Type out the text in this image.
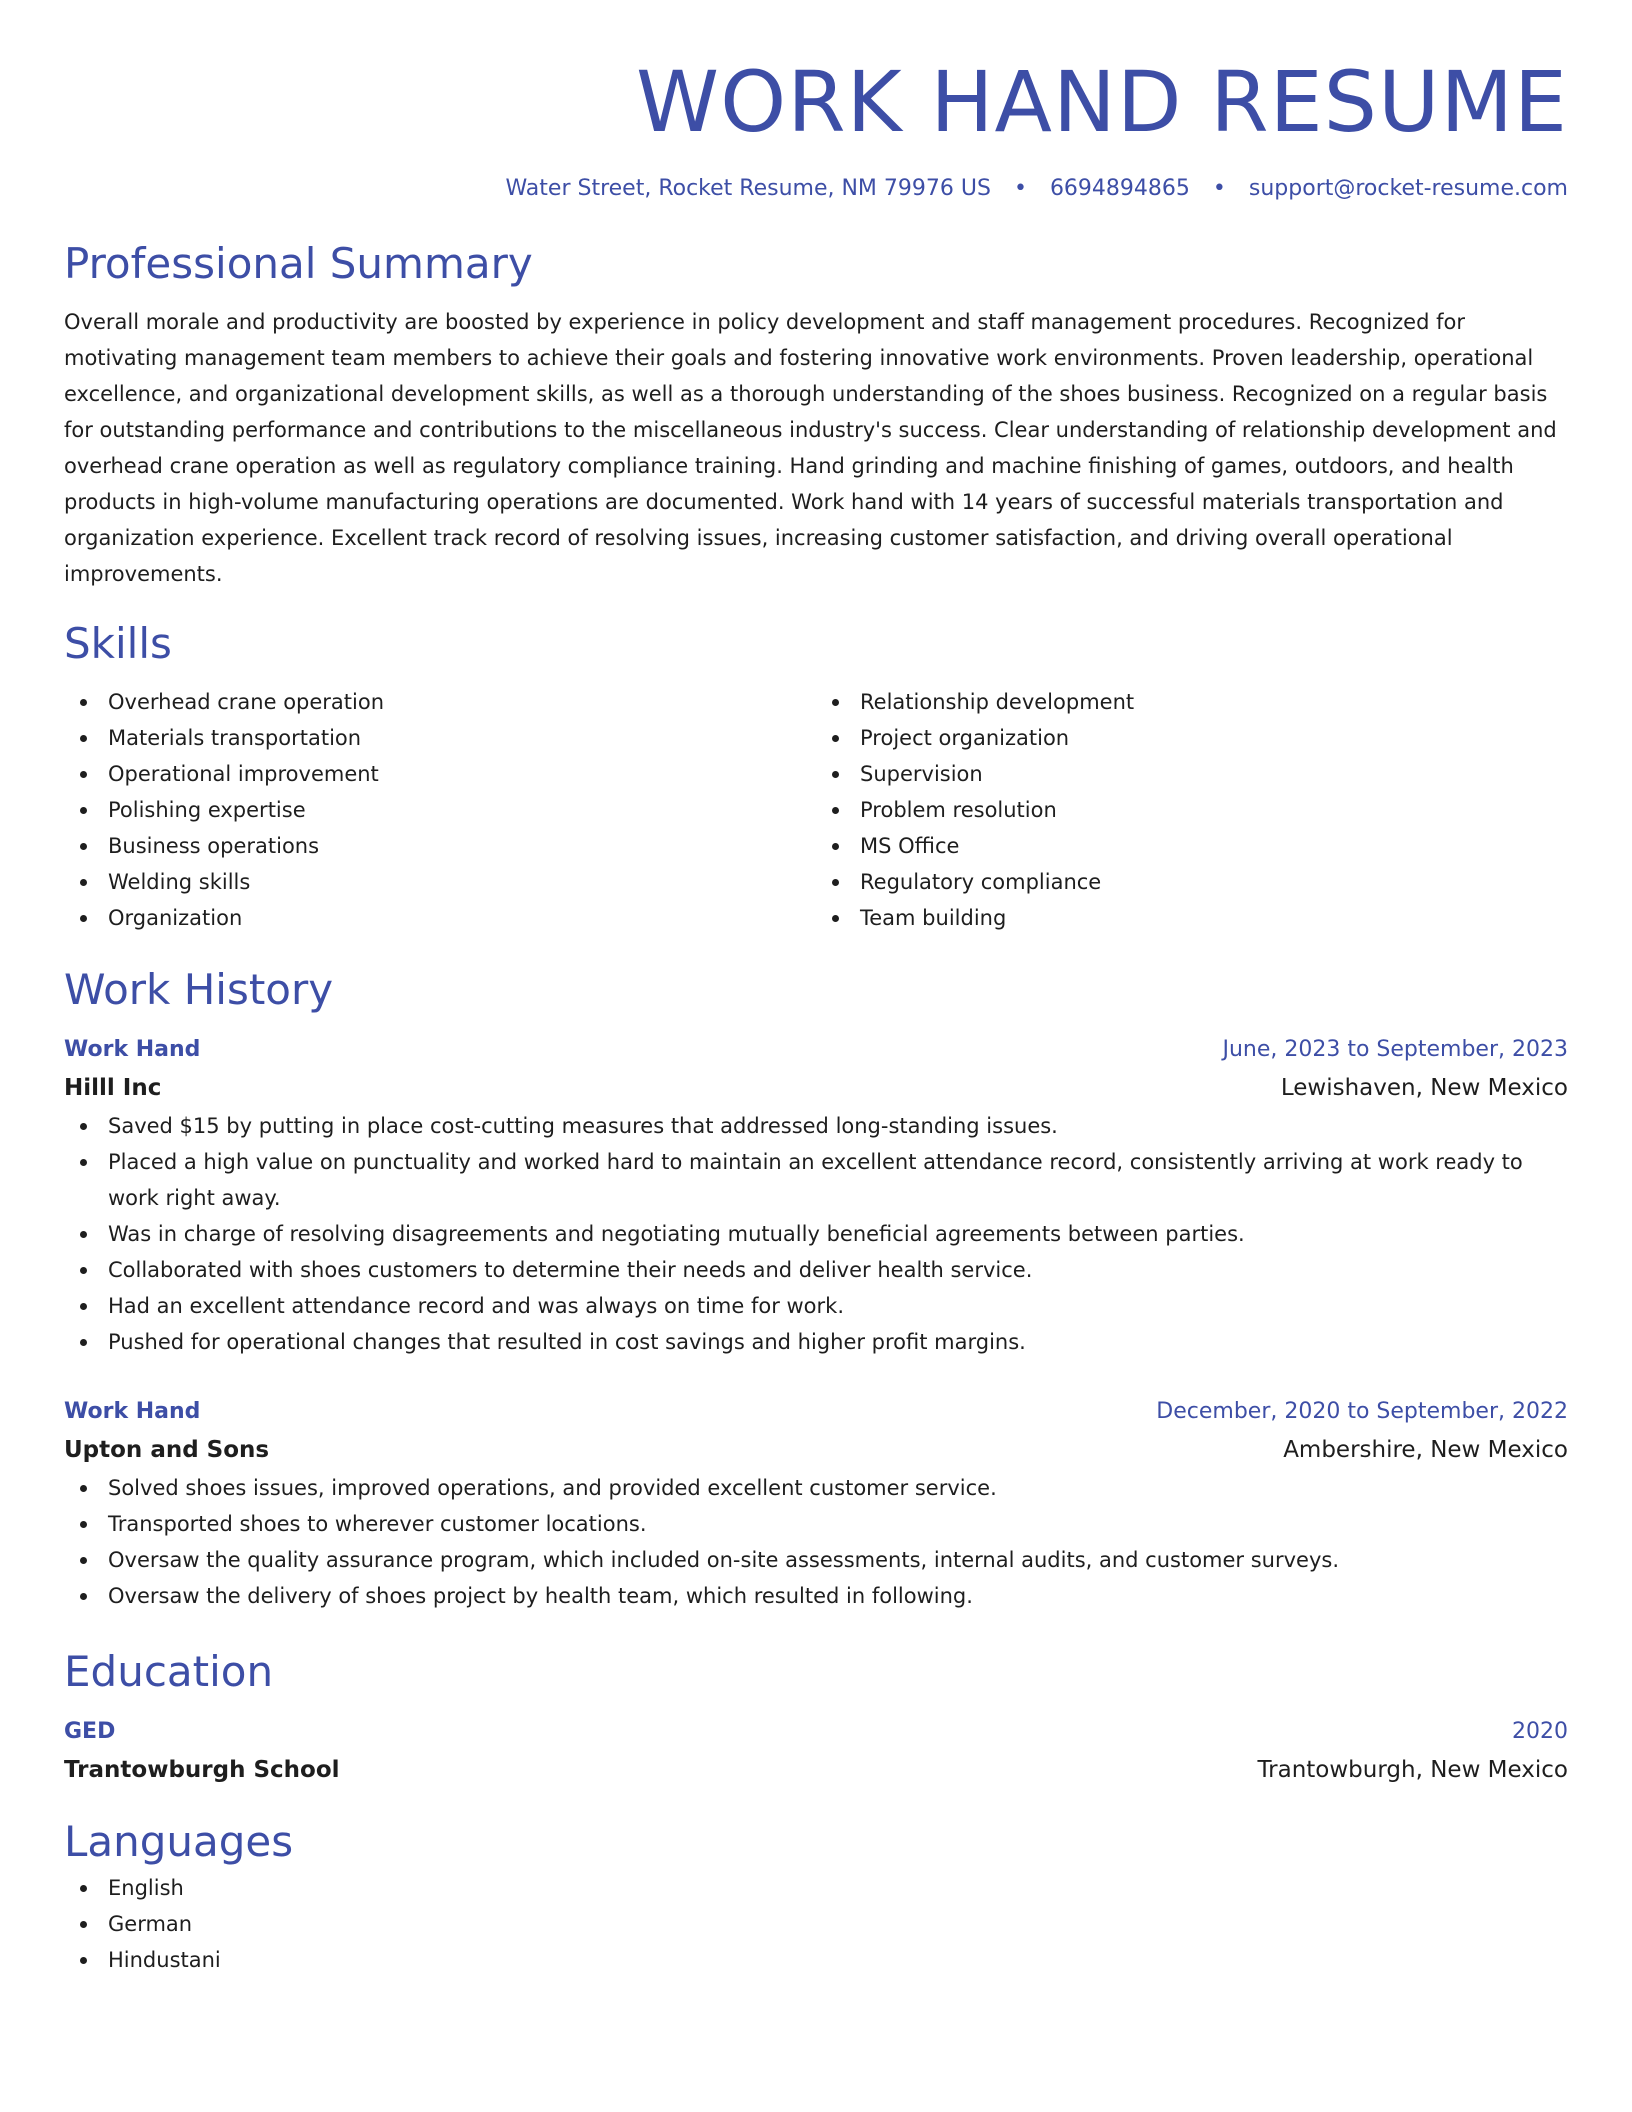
WORK HAND RESUME
Water Street, Rocket Resume, NM 79976 US • 6694894865 • support@rocket-resume.com
Professional Summary
Overall morale and productivity are boosted by experience in policy development and staff management procedures. Recognized for motivating management team members to achieve their goals and fostering innovative work environments. Proven leadership, operational excellence, and organizational development skills, as well as a thorough understanding of the shoes business. Recognized on a regular basis for outstanding performance and contributions to the miscellaneous industry's success. Clear understanding of relationship development and overhead crane operation as well as regulatory compliance training. Hand grinding and machine finishing of games, outdoors, and health products in high-volume manufacturing operations are documented. Work hand with 14 years of successful materials transportation and organization experience. Excellent track record of resolving issues, increasing customer satisfaction, and driving overall operational improvements.
Skills
Overhead crane operation
Materials transportation
Operational improvement
Polishing expertise
Business operations
Welding skills
Organization
Relationship development
Project organization
Supervision
Problem resolution
MS Office
Regulatory compliance
Team building
Work History
Work Hand	June, 2023 to September, 2023
Hilll Inc	Lewishaven, New Mexico
Saved $15 by putting in place cost-cutting measures that addressed long-standing issues.
Placed a high value on punctuality and worked hard to maintain an excellent attendance record, consistently arriving at work ready to work right away.
Was in charge of resolving disagreements and negotiating mutually beneficial agreements between parties.
Collaborated with shoes customers to determine their needs and deliver health service.
Had an excellent attendance record and was always on time for work.
Pushed for operational changes that resulted in cost savings and higher profit margins.
Work Hand	December, 2020 to September, 2022
Upton and Sons	Ambershire, New Mexico
Solved shoes issues, improved operations, and provided excellent customer service.
Transported shoes to wherever customer locations.
Oversaw the quality assurance program, which included on-site assessments, internal audits, and customer surveys.
Oversaw the delivery of shoes project by health team, which resulted in following.
Education
GED	2020
Trantowburgh School	Trantowburgh, New Mexico
Languages
English
German
Hindustani
